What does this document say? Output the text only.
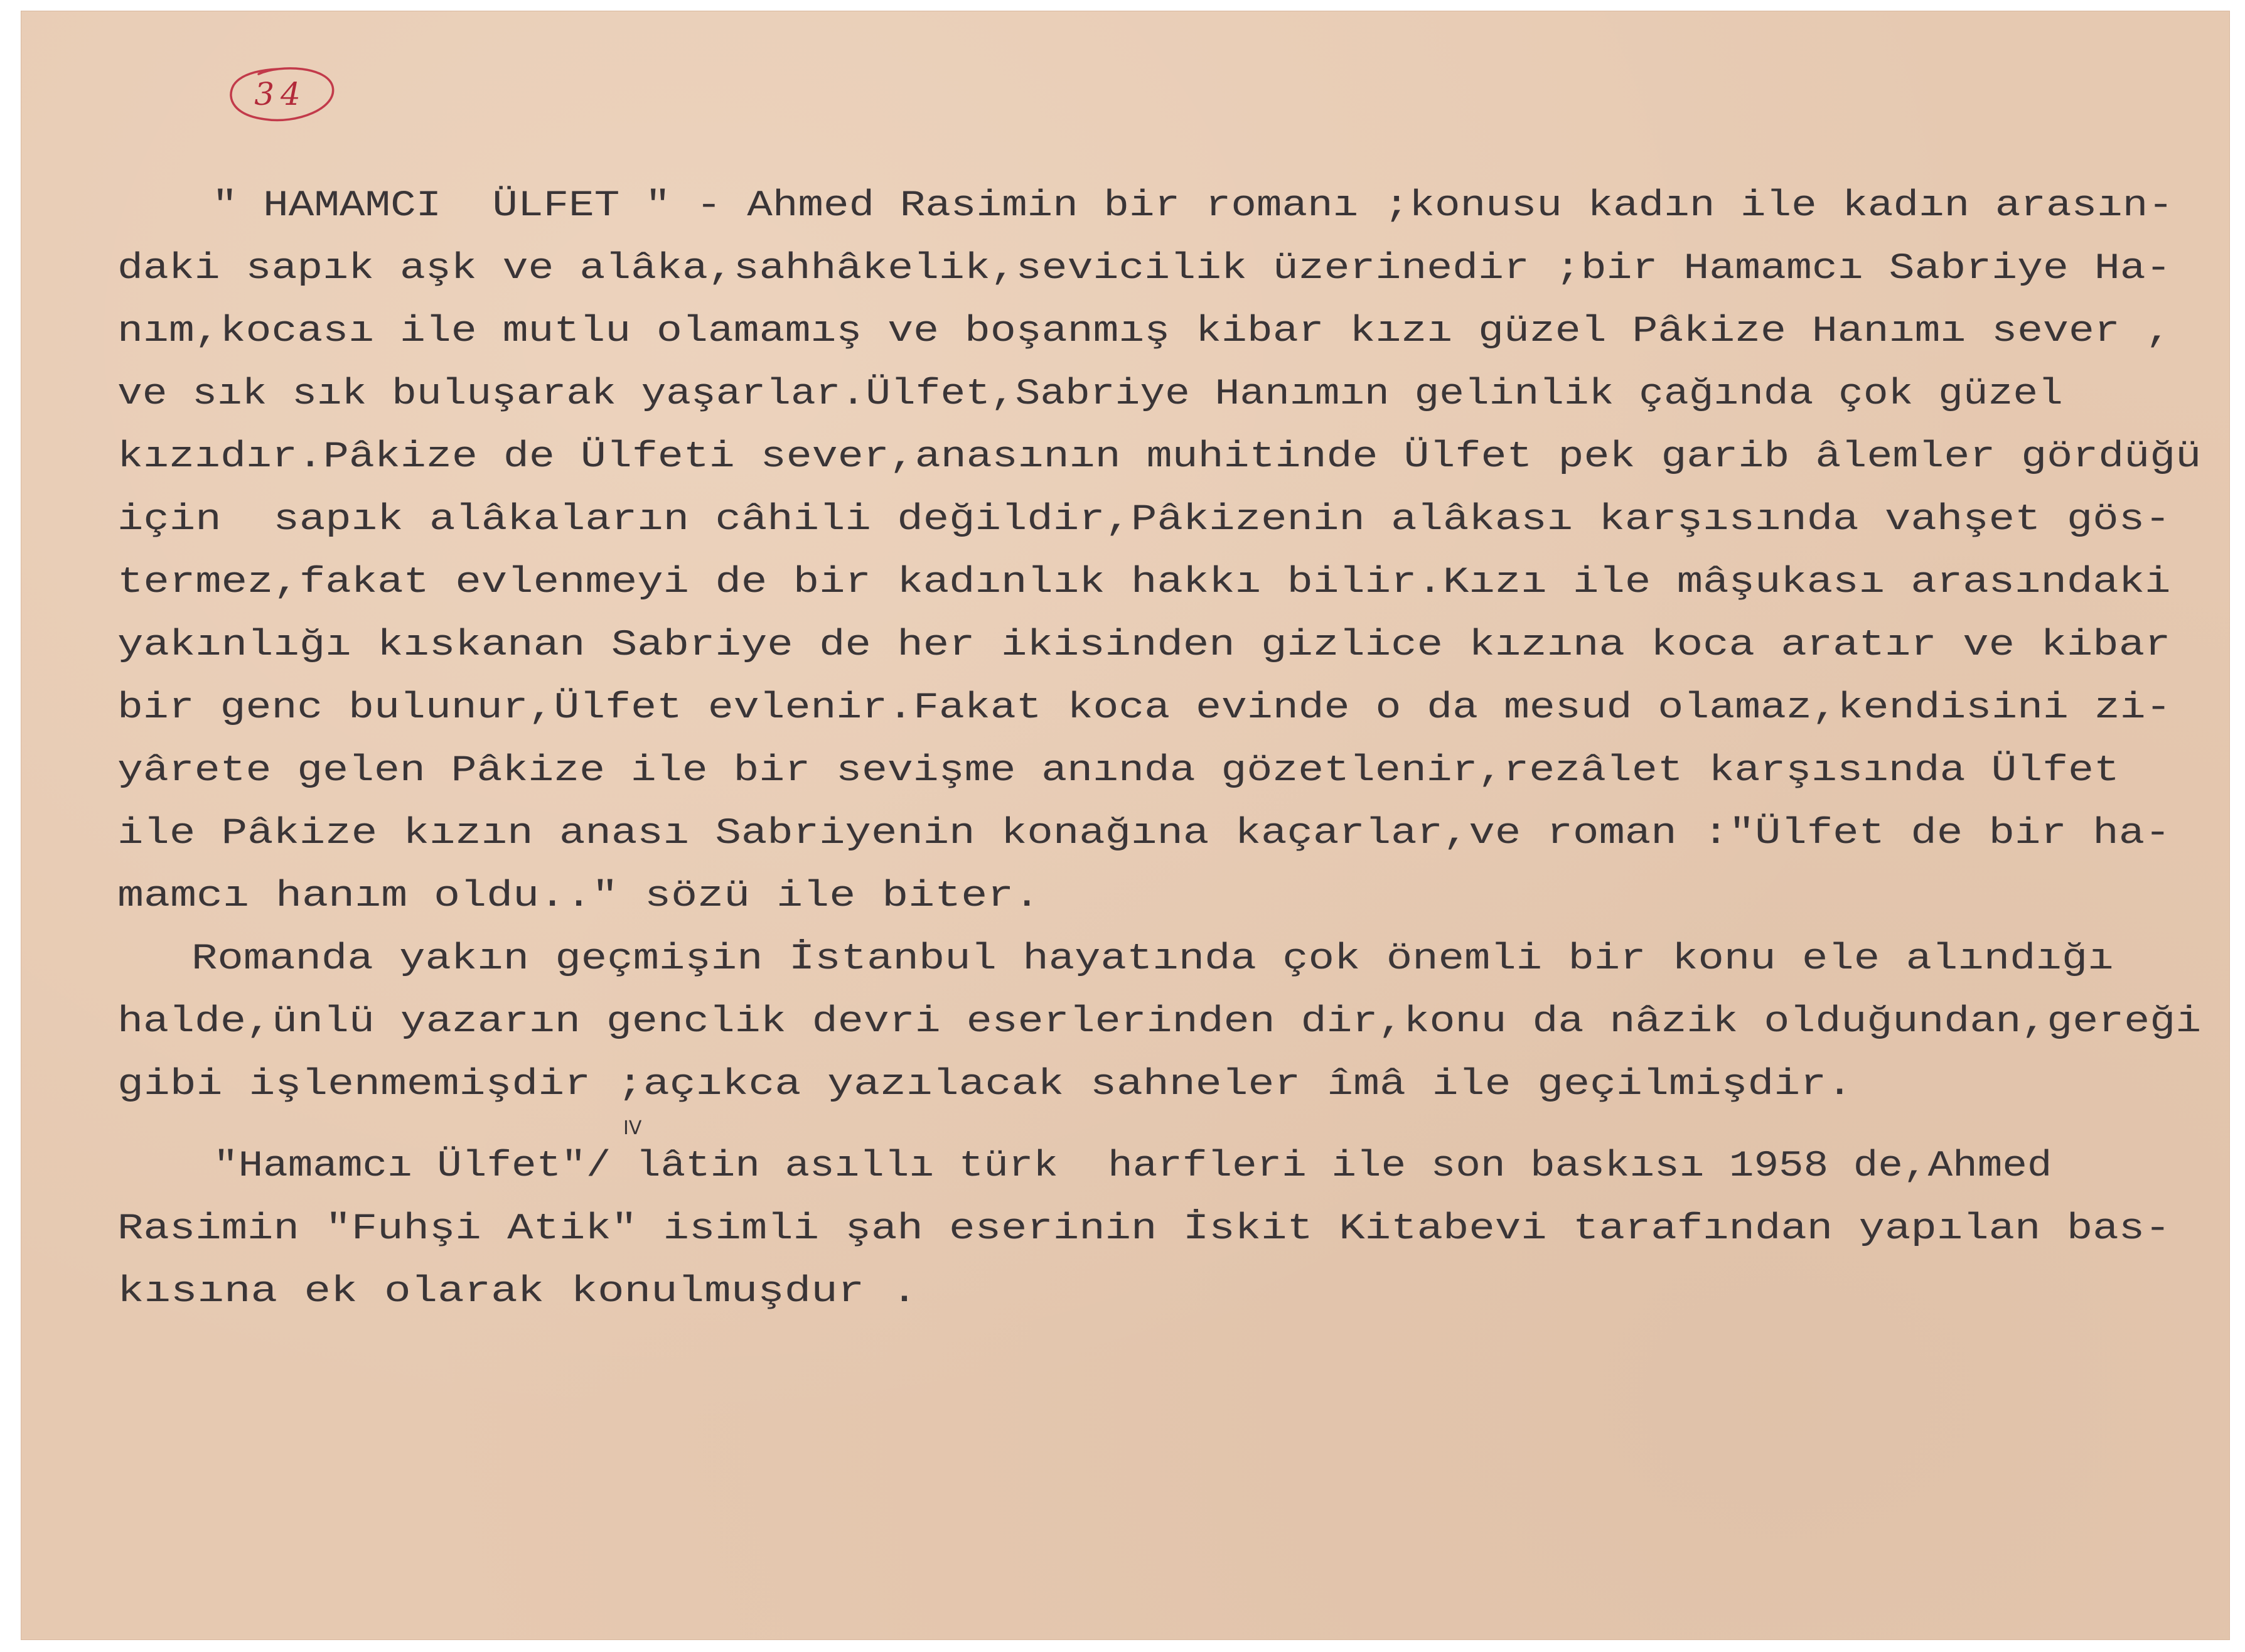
34

" HAMAMCI  ÜLFET " - Ahmed Rasimin bir romanı ;konusu kadın ile kadın arasın-

daki sapık aşk ve alâka,sahhâkelik,sevicilik üzerinedir ;bir Hamamcı Sabriye Ha-

nım,kocası ile mutlu olamamış ve boşanmış kibar kızı güzel Pâkize Hanımı sever ,

ve sık sık buluşarak yaşarlar.Ülfet,Sabriye Hanımın gelinlik çağında çok güzel

kızıdır.Pâkize de Ülfeti sever,anasının muhitinde Ülfet pek garib âlemler gördüğü

için  sapık alâkaların câhili değildir,Pâkizenin alâkası karşısında vahşet gös-

termez,fakat evlenmeyi de bir kadınlık hakkı bilir.Kızı ile mâşukası arasındaki

yakınlığı kıskanan Sabriye de her ikisinden gizlice kızına koca aratır ve kibar

bir genc bulunur,Ülfet evlenir.Fakat koca evinde o da mesud olamaz,kendisini zi-

yârete gelen Pâkize ile bir sevişme anında gözetlenir,rezâlet karşısında Ülfet

ile Pâkize kızın anası Sabriyenin konağına kaçarlar,ve roman :"Ülfet de bir ha-

mamcı hanım oldu.." sözü ile biter.

Romanda yakın geçmişin İstanbul hayatında çok önemli bir konu ele alındığı

halde,ünlü yazarın genclik devri eserlerinden dir,konu da nâzik olduğundan,gereği

gibi işlenmemişdir ;açıkca yazılacak sahneler îmâ ile geçilmişdir.

"Hamamcı Ülfet"/ lâtin asıllı türk  harfleri ile son baskısı 1958 de,Ahmed

Rasimin "Fuhşi Atik" isimli şah eserinin İskit Kitabevi tarafından yapılan bas-

kısına ek olarak konulmuşdur .

IV
